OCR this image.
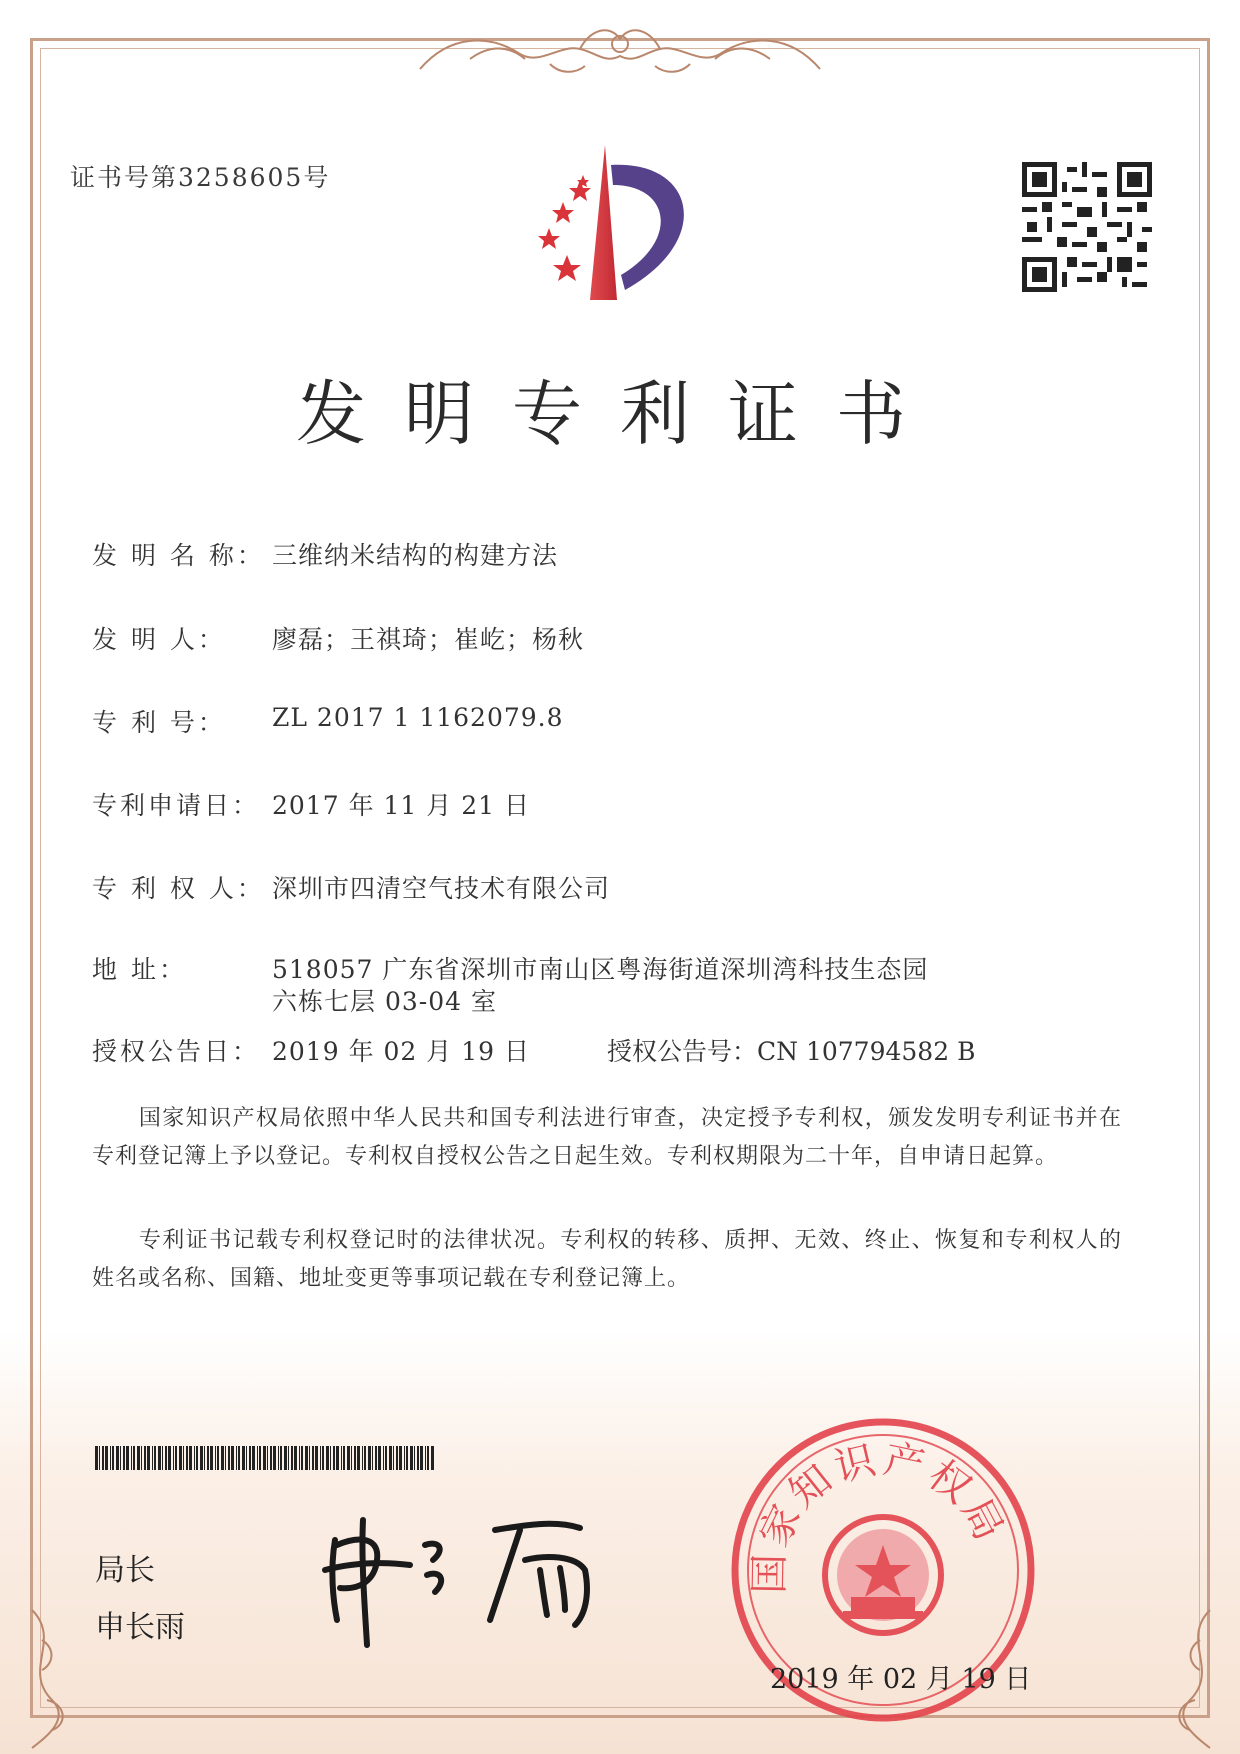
证书号第3258605号
发明专利证书
发 明 名 称： 三维纳米结构的构建方法
发 明 人： 廖磊；王祺琦；崔屹；杨秋
专 利 号： ZL 2017 1 1162079.8
专利申请日： 2017 年 11 月 21 日
专 利 权 人： 深圳市四清空气技术有限公司
地 址：	518057 广东省深圳市南山区粤海街道深圳湾科技生态园
六栋七层 03-04 室
授权公告日： 2019 年 02 月 19 日	授权公告号：CN 107794582 B
　　国家知识产权局依照中华人民共和国专利法进行审查，决定授予专利权，颁发发明专利证书并在专利登记簿上予以登记。专利权自授权公告之日起生效。专利权期限为二十年，自申请日起算。
　　专利证书记载专利权登记时的法律状况。专利权的转移、质押、无效、终止、恢复和专利权人的姓名或名称、国籍、地址变更等事项记载在专利登记簿上。
局长
申长雨
国家知识产权局
2019 年 02 月 19 日
